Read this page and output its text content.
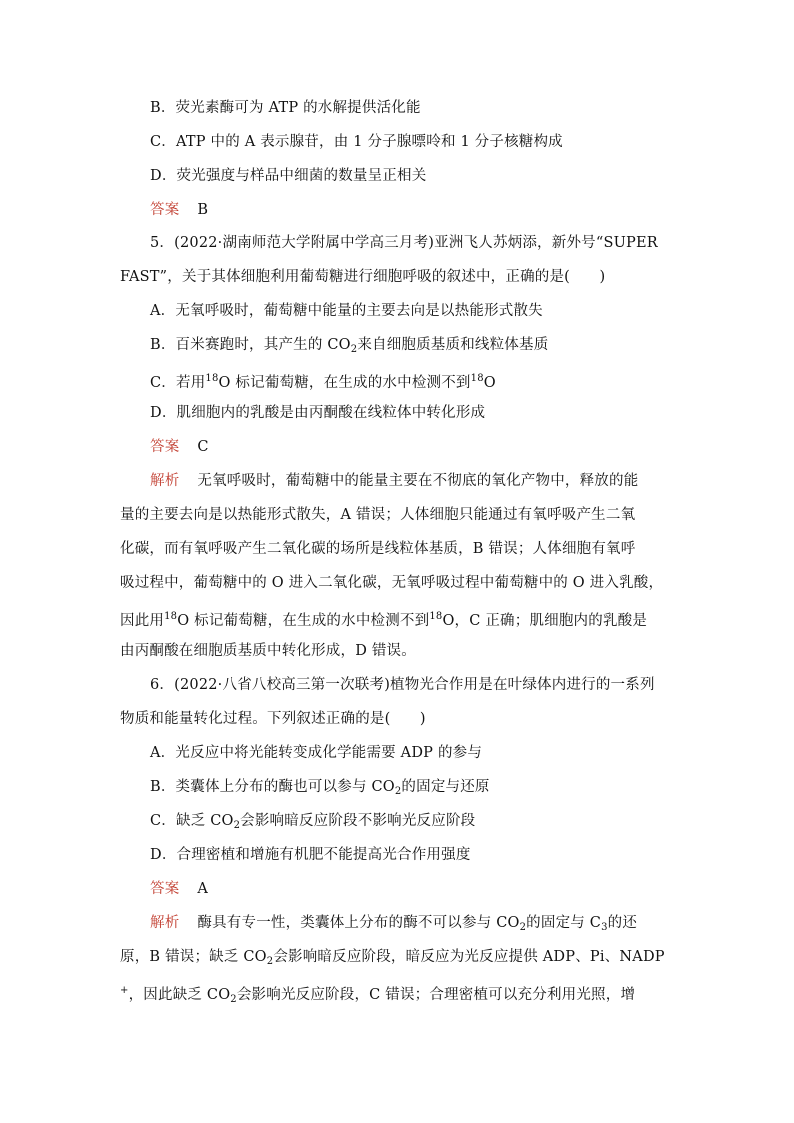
B．荧光素酶可为 ATP 的水解提供活化能
C．ATP 中的 A 表示腺苷，由 1 分子腺嘌呤和 1 分子核糖构成
D．荧光强度与样品中细菌的数量呈正相关
答案 B
5．(2022·湖南师范大学附属中学高三月考)亚洲飞人苏炳添，新外号“SUPER
FAST”，关于其体细胞利用葡萄糖进行细胞呼吸的叙述中，正确的是(　　)
A．无氧呼吸时，葡萄糖中能量的主要去向是以热能形式散失
B．百米赛跑时，其产生的 $CO_2$来自细胞质基质和线粒体基质
C．若用$^{18}$O 标记葡萄糖，在生成的水中检测不到$^{18}$O
D．肌细胞内的乳酸是由丙酮酸在线粒体中转化形成
答案 C
解析 无氧呼吸时，葡萄糖中的能量主要在不彻底的氧化产物中，释放的能
量的主要去向是以热能形式散失，A 错误；人体细胞只能通过有氧呼吸产生二氧
化碳，而有氧呼吸产生二氧化碳的场所是线粒体基质，B 错误；人体细胞有氧呼
吸过程中，葡萄糖中的 O 进入二氧化碳，无氧呼吸过程中葡萄糖中的 O 进入乳酸，
因此用$^{18}$O 标记葡萄糖，在生成的水中检测不到$^{18}$O，C 正确；肌细胞内的乳酸是
由丙酮酸在细胞质基质中转化形成，D 错误。
6．(2022·八省八校高三第一次联考)植物光合作用是在叶绿体内进行的一系列
物质和能量转化过程。下列叙述正确的是(　　)
A．光反应中将光能转变成化学能需要 ADP 的参与
B．类囊体上分布的酶也可以参与 $CO_2$的固定与还原
C．缺乏 $CO_2$会影响暗反应阶段不影响光反应阶段
D．合理密植和增施有机肥不能提高光合作用强度
答案 A
解析 酶具有专一性，类囊体上分布的酶不可以参与 $CO_2$的固定与 $C_3$的还
原，B 错误；缺乏 $CO_2$会影响暗反应阶段，暗反应为光反应提供 ADP、Pi、NADP
+，因此缺乏 $CO_2$会影响光反应阶段，C 错误；合理密植可以充分利用光照，增
